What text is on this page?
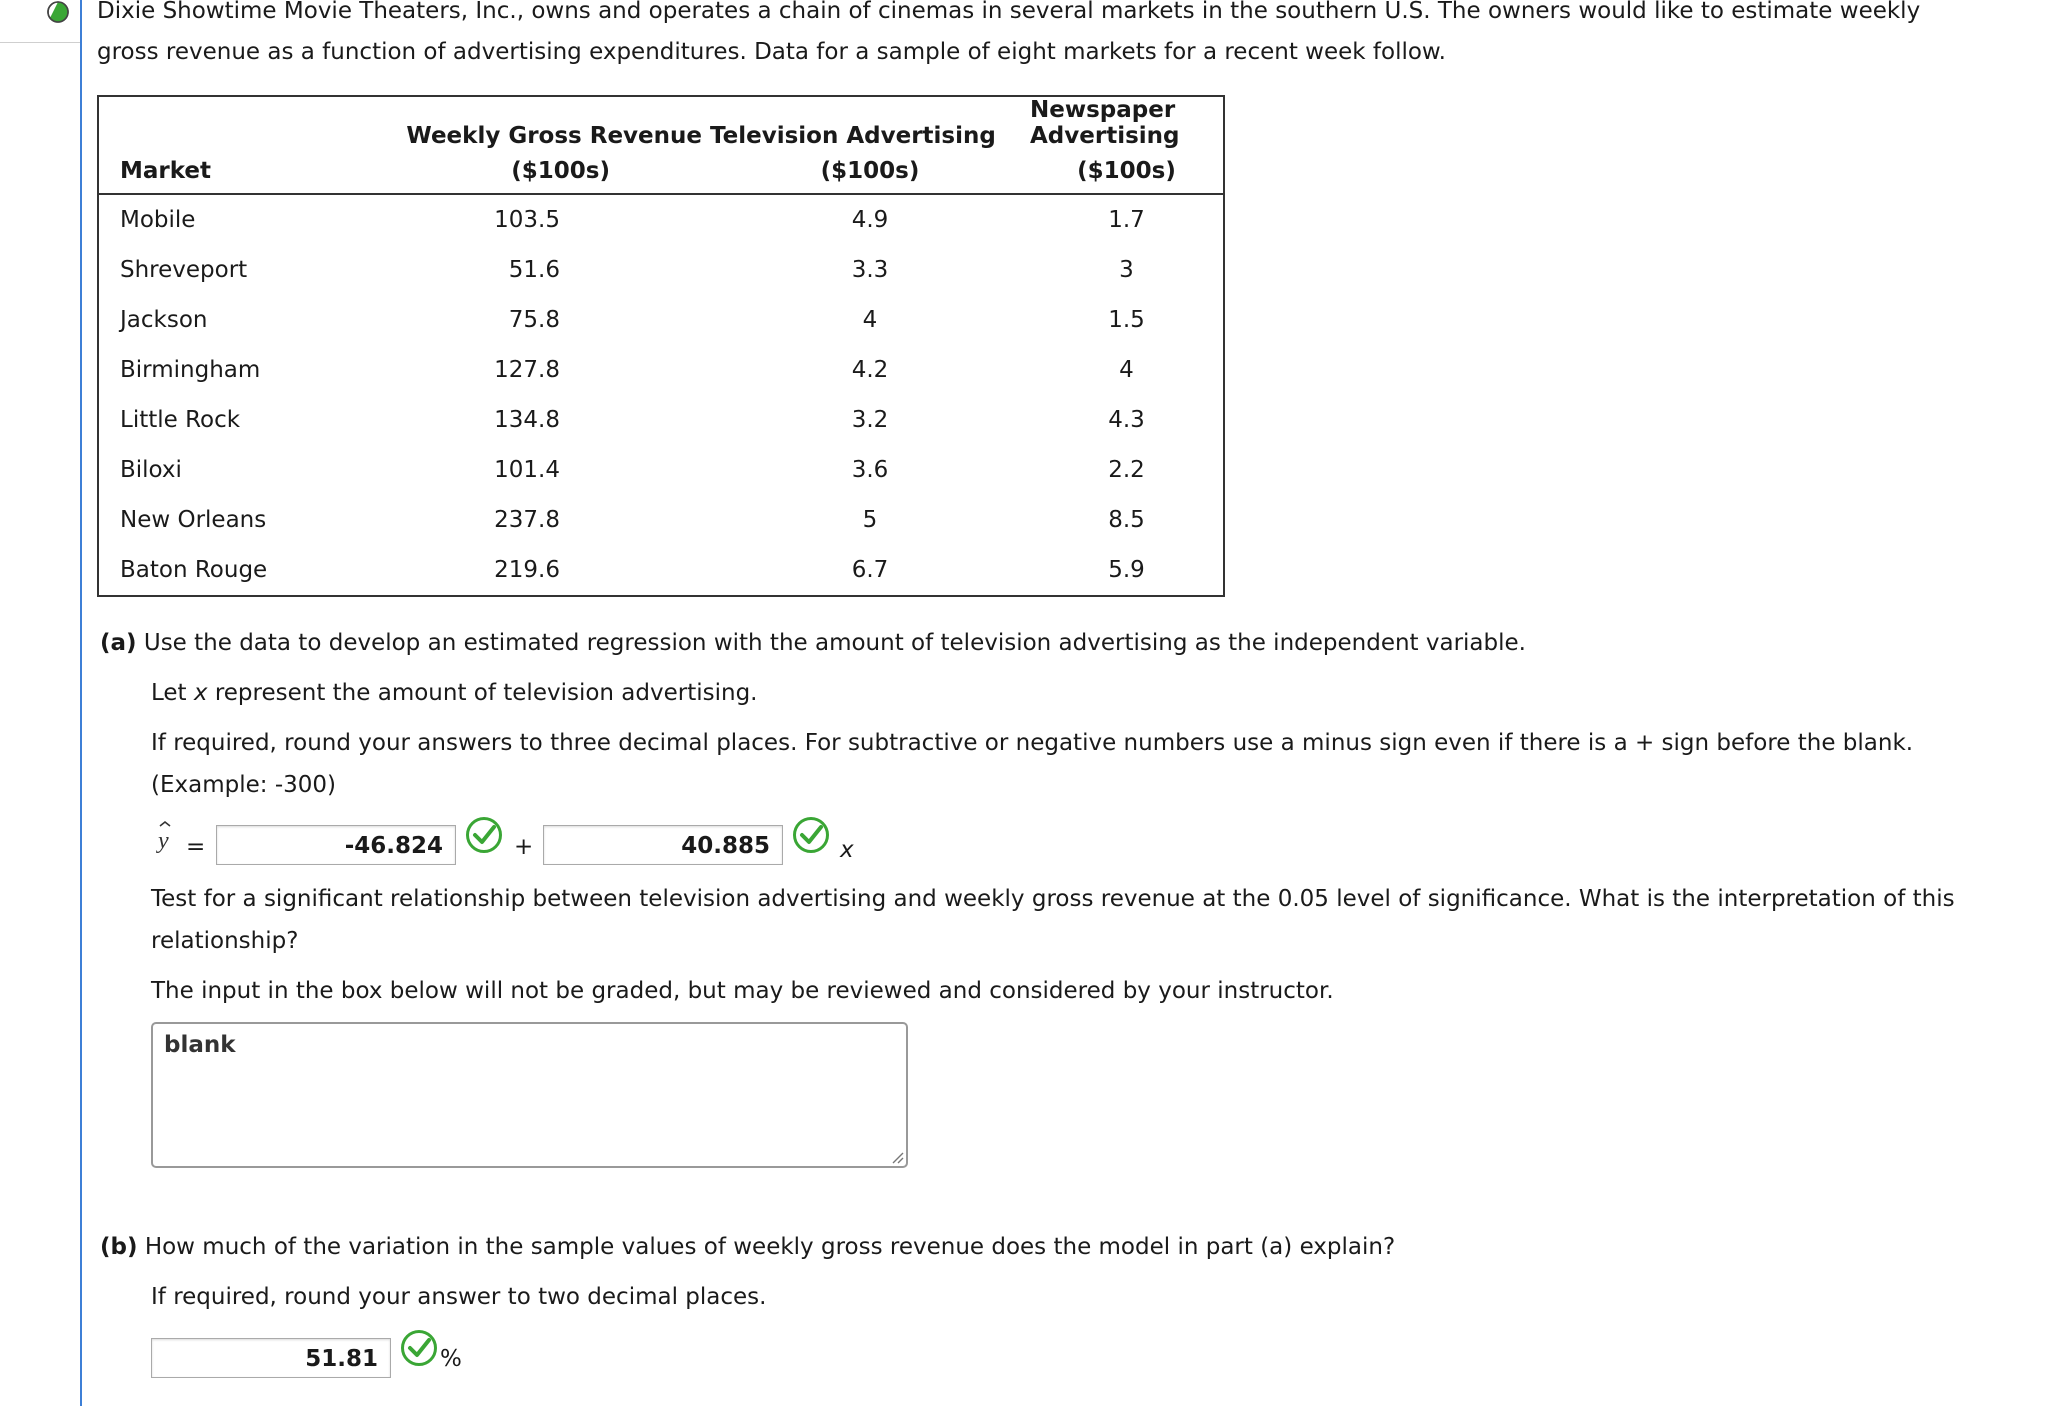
Dixie Showtime Movie Theaters, Inc., owns and operates a chain of cinemas in several markets in the southern U.S. The owners would like to estimate weekly
gross revenue as a function of advertising expenditures. Data for a sample of eight markets for a recent week follow.
	Weekly Gross Revenue	Television Advertising	Newspaper Advertising
Market	($100s)	($100s)	($100s)
Mobile	103.5	4.9	1.7
Shreveport	51.6	3.3	3
Jackson	75.8	4	1.5
Birmingham	127.8	4.2	4
Little Rock	134.8	3.2	4.3
Biloxi	101.4	3.6	2.2
New Orleans	237.8	5	8.5
Baton Rouge	219.6	6.7	5.9
(a) Use the data to develop an estimated regression with the amount of television advertising as the independent variable.
Let x represent the amount of television advertising.
If required, round your answers to three decimal places. For subtractive or negative numbers use a minus sign even if there is a + sign before the blank.
(Example: -300)
y =	-46.824	+	40.885	x
Test for a significant relationship between television advertising and weekly gross revenue at the 0.05 level of significance. What is the interpretation of this
relationship?
The input in the box below will not be graded, but may be reviewed and considered by your instructor.
blank
(b) How much of the variation in the sample values of weekly gross revenue does the model in part (a) explain?
If required, round your answer to two decimal places.
51.81	%
